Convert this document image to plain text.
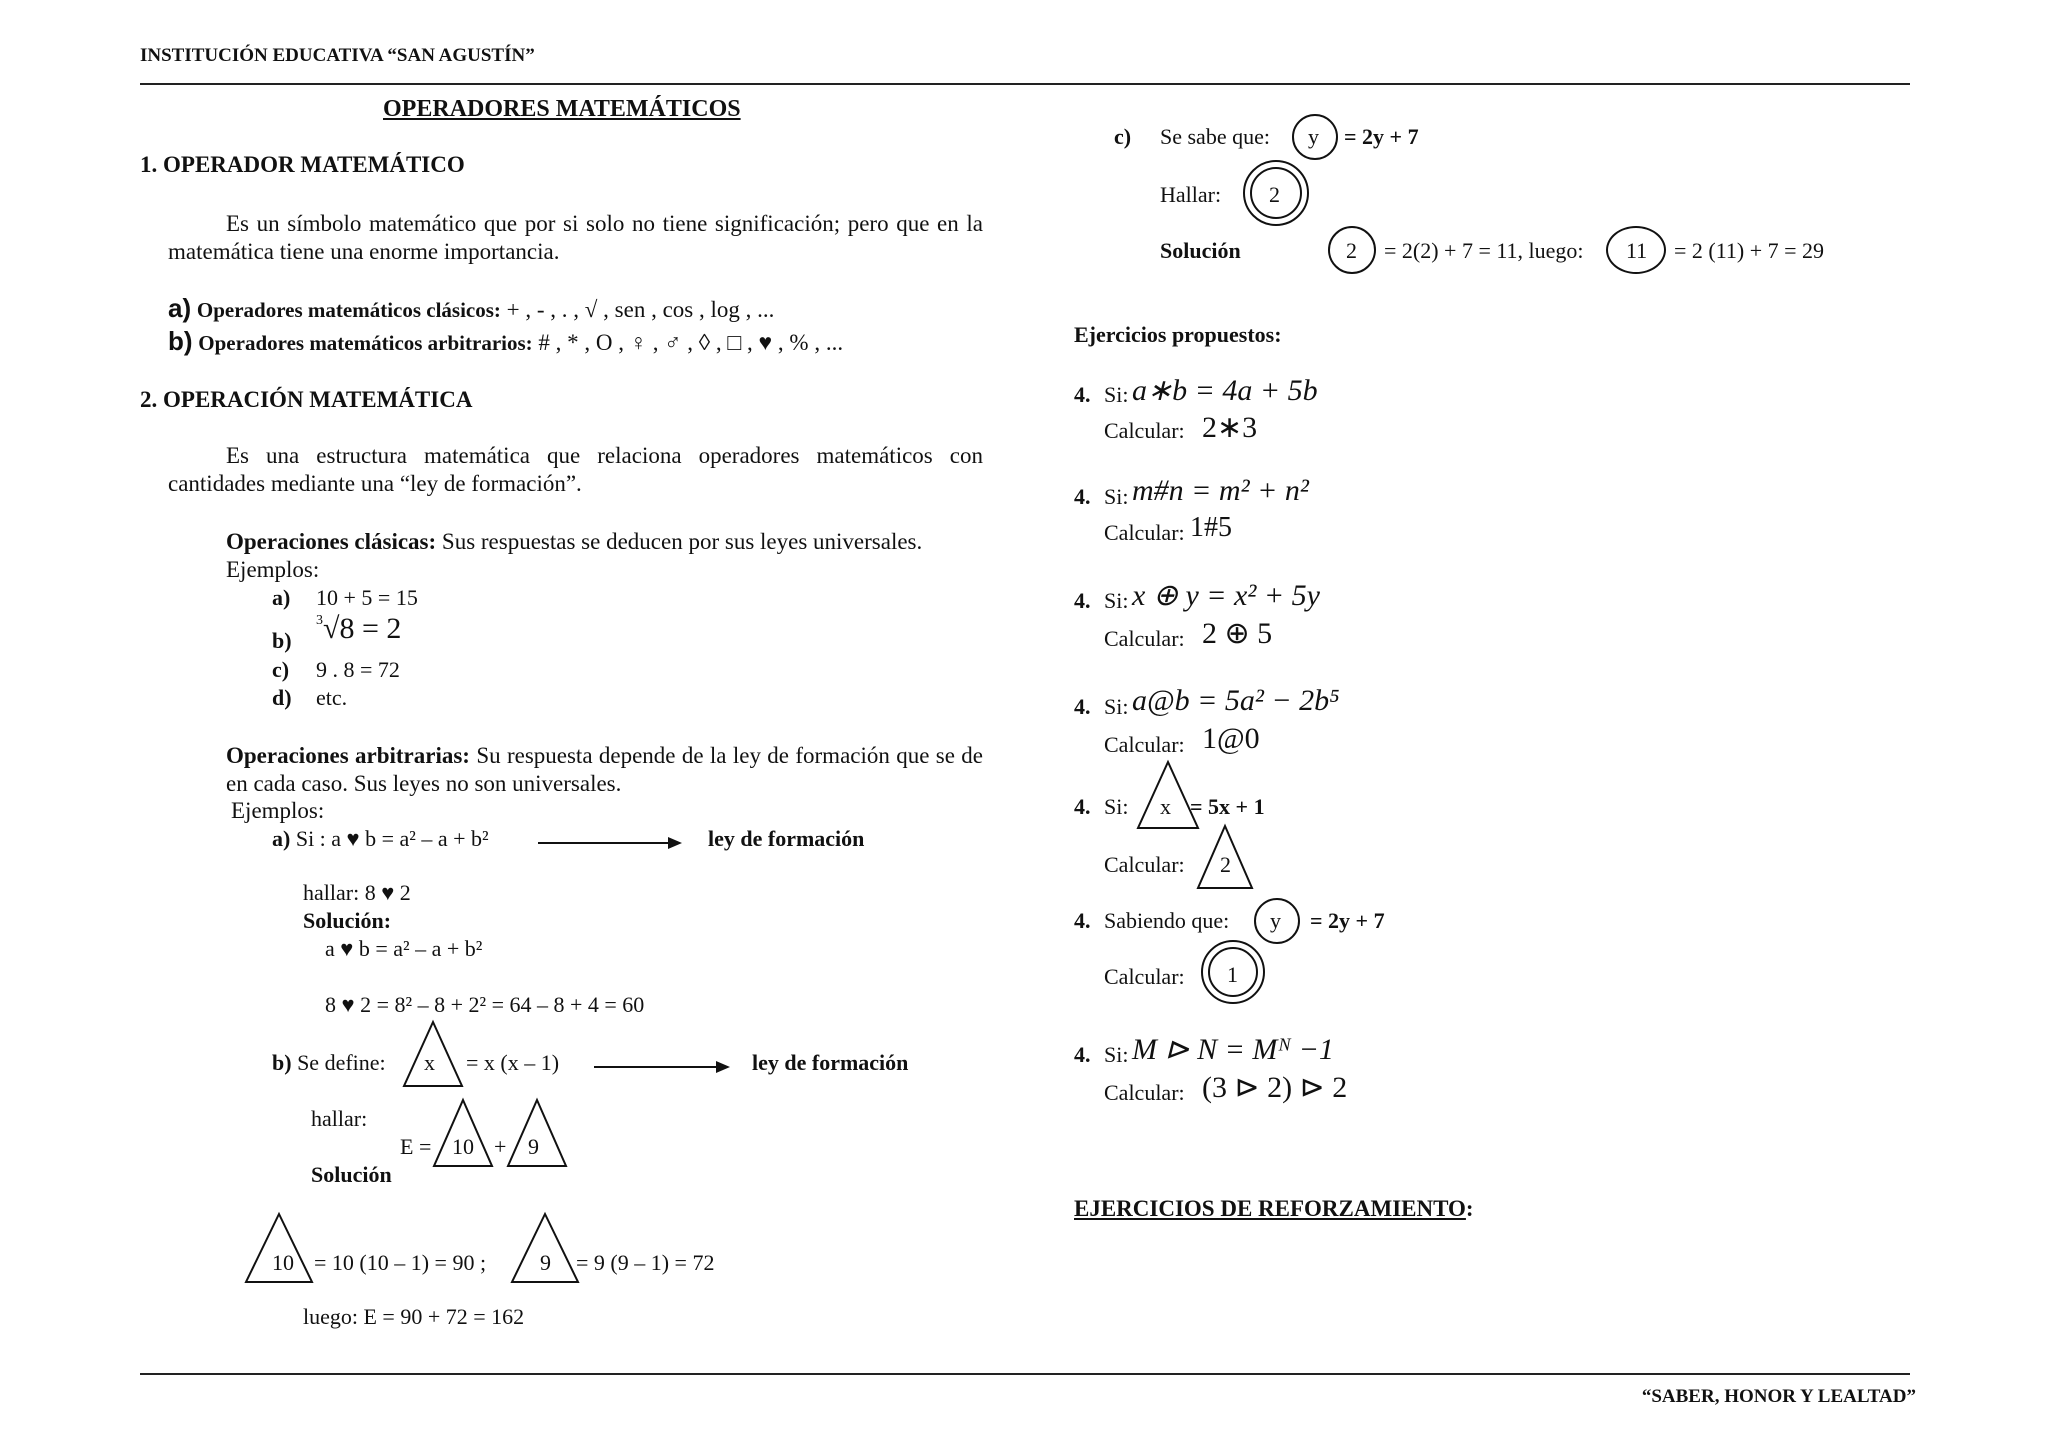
INSTITUCIÓN EDUCATIVA “SAN AGUSTÍN”
OPERADORES MATEMÁTICOS
1. OPERADOR MATEMÁTICO
Es un símbolo matemático que por si solo no tiene significación; pero que en la matemática tiene una enorme importancia.
a) Operadores matemáticos clásicos: + , - , . , √ , sen , cos , log , ...
b) Operadores matemáticos arbitrarios: # , * , O , ♀ , ♂ , ◊ , □ , ♥ , % , ...
2. OPERACIÓN MATEMÁTICA
Es una estructura matemática que relaciona operadores matemáticos con cantidades mediante una “ley de formación”.
Operaciones clásicas: Sus respuestas se deducen por sus leyes universales.
Ejemplos:
a) 10 + 5 = 15
b)
$^3$√8 = 2
c) 9 . 8 = 72
d) etc.
Operaciones arbitrarias: Su respuesta depende de la ley de formación que se de en cada caso. Sus leyes no son universales.
Ejemplos:
a) Si : a ♥ b = a² – a + b²	ley de formación
hallar: 8 ♥ 2
Solución:
a ♥ b = a² – a + b²
8 ♥ 2 = 8² – 8 + 2² = 64 – 8 + 4 = 60
b) Se define: x = x (x – 1)	ley de formación
hallar:
E = 10 + 9
Solución
10 = 10 (10 – 1) = 90 ; 9 = 9 (9 – 1) = 72
luego: E = 90 + 72 = 162
c) Se sabe que: y = 2y + 7
Hallar: 2
Solución	2 = 2(2) + 7 = 11, luego: 11 = 2 (11) + 7 = 29
Ejercicios propuestos:
4. Si: a∗b = 4a + 5b
Calcular: 2∗3
4. Si: m#n = m² + n²
Calcular: 1#5
4. Si: x ⊕ y = x² + 5y
Calcular: 2 ⊕ 5
4. Si: a@b = 5a² − 2b⁵
Calcular: 1@0
4. Si: x = 5x + 1
Calcular: 2
4. Sabiendo que: y = 2y + 7
Calcular: 1
4. Si: M ⊳ N = Mᴺ −1
Calcular: (3 ⊳ 2) ⊳ 2
EJERCICIOS DE REFORZAMIENTO:
“SABER, HONOR Y LEALTAD”
